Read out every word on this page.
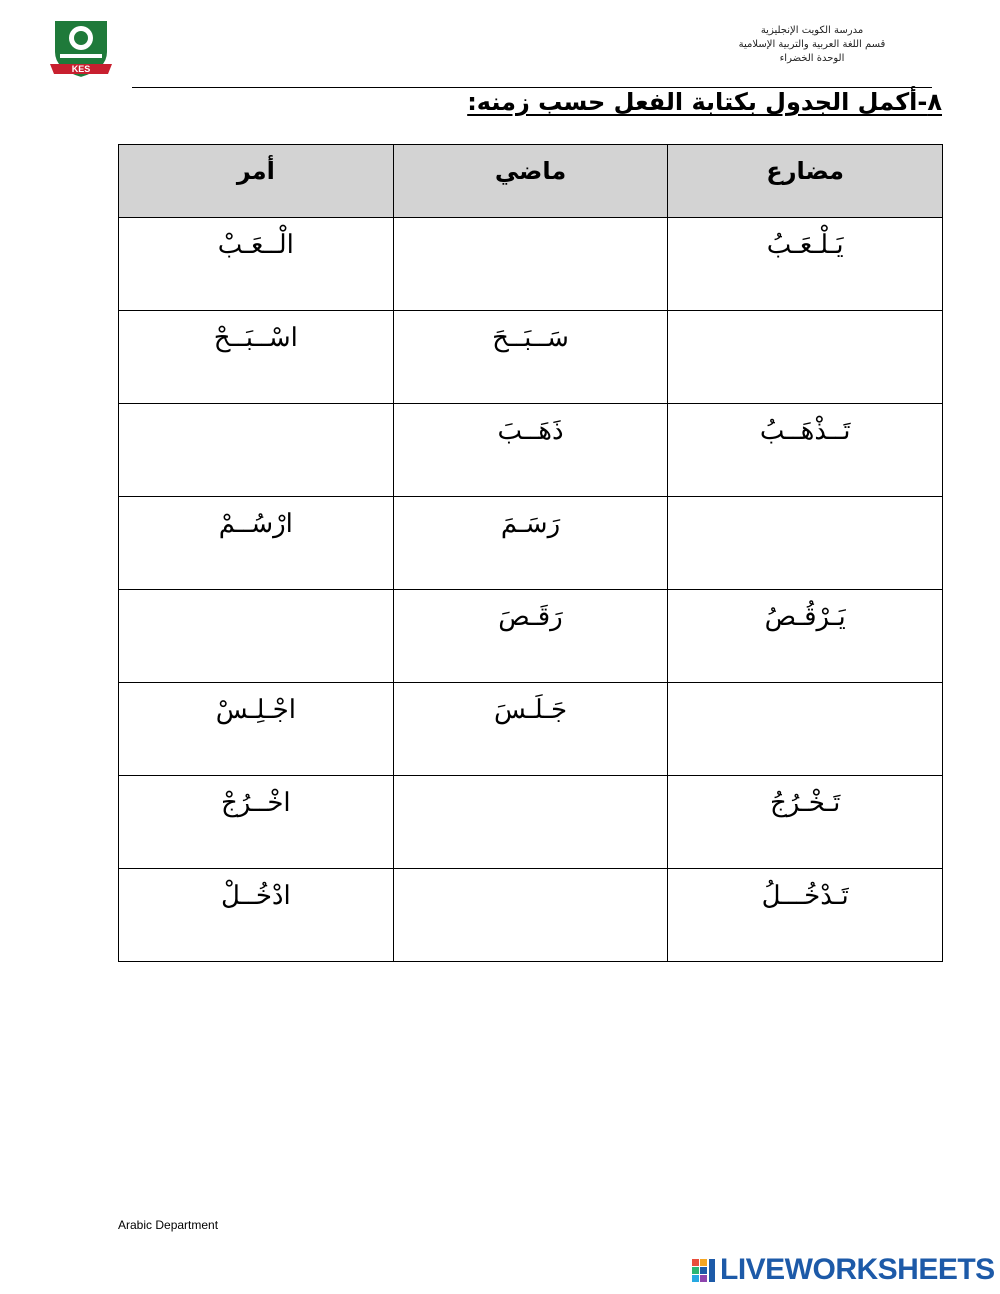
KES
مدرسة الكويت الإنجليزية
قسم اللغة العربية والتربية الإسلامية
الوحدة الخضراء
٨-أكمل الجدول بكتابة الفعل حسب زمنه:
مضارع	ماضي	أمر
يَـلْـعَـبُ		الْــعَـبْ
	سَــبَــحَ	اسْــبَــحْ
تَــذْهَــبُ	ذَهَــبَ	
	رَسَـمَ	ارْسُــمْ
يَـرْقُـصُ	رَقَـصَ	
	جَـلَـسَ	اجْـلِـسْ
تَـخْـرُجُ		اخْــرُجْ
تَـدْخُـــلُ		ادْخُــلْ
Arabic Department
LIVEWORKSHEETS
